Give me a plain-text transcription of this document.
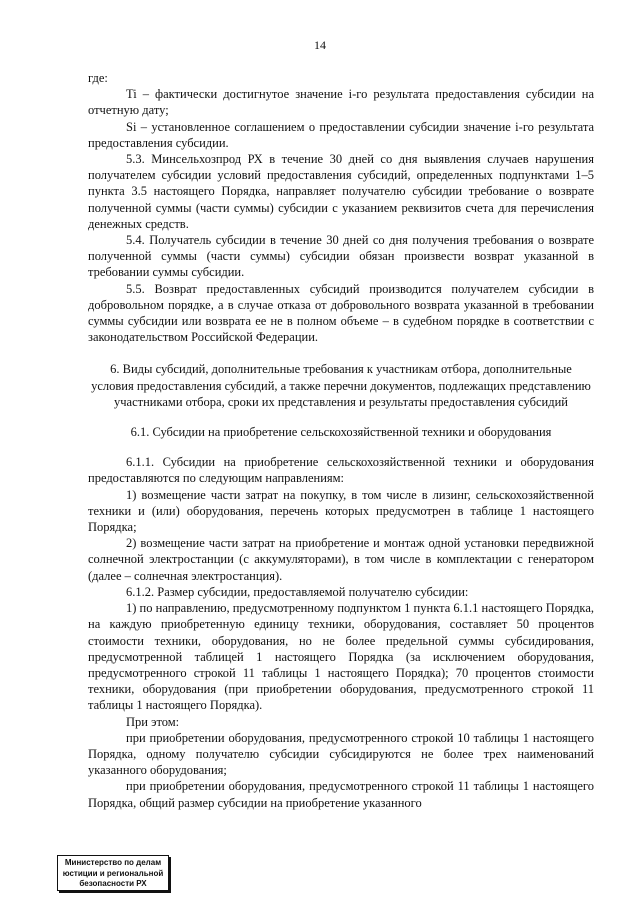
14

где:

Ti – фактически достигнутое значение i-го результата предоставления субсидии на отчетную дату;

Si – установленное соглашением о предоставлении субсидии значение i-го результата предоставления субсидии.

5.3. Минсельхозпрод РХ в течение 30 дней со дня выявления случаев нарушения получателем субсидии условий предоставления субсидий, определенных подпунктами 1–5 пункта 3.5 настоящего Порядка, направляет получателю субсидии требование о возврате полученной суммы (части суммы) субсидии с указанием реквизитов счета для перечисления денежных средств.

5.4. Получатель субсидии в течение 30 дней со дня получения требования о возврате полученной суммы (части суммы) субсидии обязан произвести возврат указанной в требовании суммы субсидии.

5.5. Возврат предоставленных субсидий производится получателем субсидии в добровольном порядке, а в случае отказа от добровольного возврата указанной в требовании суммы субсидии или возврата ее не в полном объеме – в судебном порядке в соответствии с законодательством Российской Федерации.

6. Виды субсидий, дополнительные требования к участникам отбора, дополнительные условия предоставления субсидий, а также перечни документов, подлежащих представлению участниками отбора, сроки их представления и результаты предоставления субсидий

6.1. Субсидии на приобретение сельскохозяйственной техники и оборудования

6.1.1. Субсидии на приобретение сельскохозяйственной техники и оборудования предоставляются по следующим направлениям:

1) возмещение части затрат на покупку, в том числе в лизинг, сельскохозяйственной техники и (или) оборудования, перечень которых предусмотрен в таблице 1 настоящего Порядка;

2) возмещение части затрат на приобретение и монтаж одной установки передвижной солнечной электростанции (с аккумуляторами), в том числе в комплектации с генератором (далее – солнечная электростанция).

6.1.2. Размер субсидии, предоставляемой получателю субсидии:

1) по направлению, предусмотренному подпунктом 1 пункта 6.1.1 настоящего Порядка, на каждую приобретенную единицу техники, оборудования, составляет 50 процентов стоимости техники, оборудования, но не более предельной суммы субсидирования, предусмотренной таблицей 1 настоящего Порядка (за исключением оборудования, предусмотренного строкой 11 таблицы 1 настоящего Порядка); 70 процентов стоимости техники, оборудования (при приобретении оборудования, предусмотренного строкой 11 таблицы 1 настоящего Порядка).

При этом:

при приобретении оборудования, предусмотренного строкой 10 таблицы 1 настоящего Порядка, одному получателю субсидии субсидируются не более трех наименований указанного оборудования;

при приобретении оборудования, предусмотренного строкой 11 таблицы 1 настоящего Порядка, общий размер субсидии на приобретение указанного

Министерство по делам
юстиции и региональной
безопасности РХ
